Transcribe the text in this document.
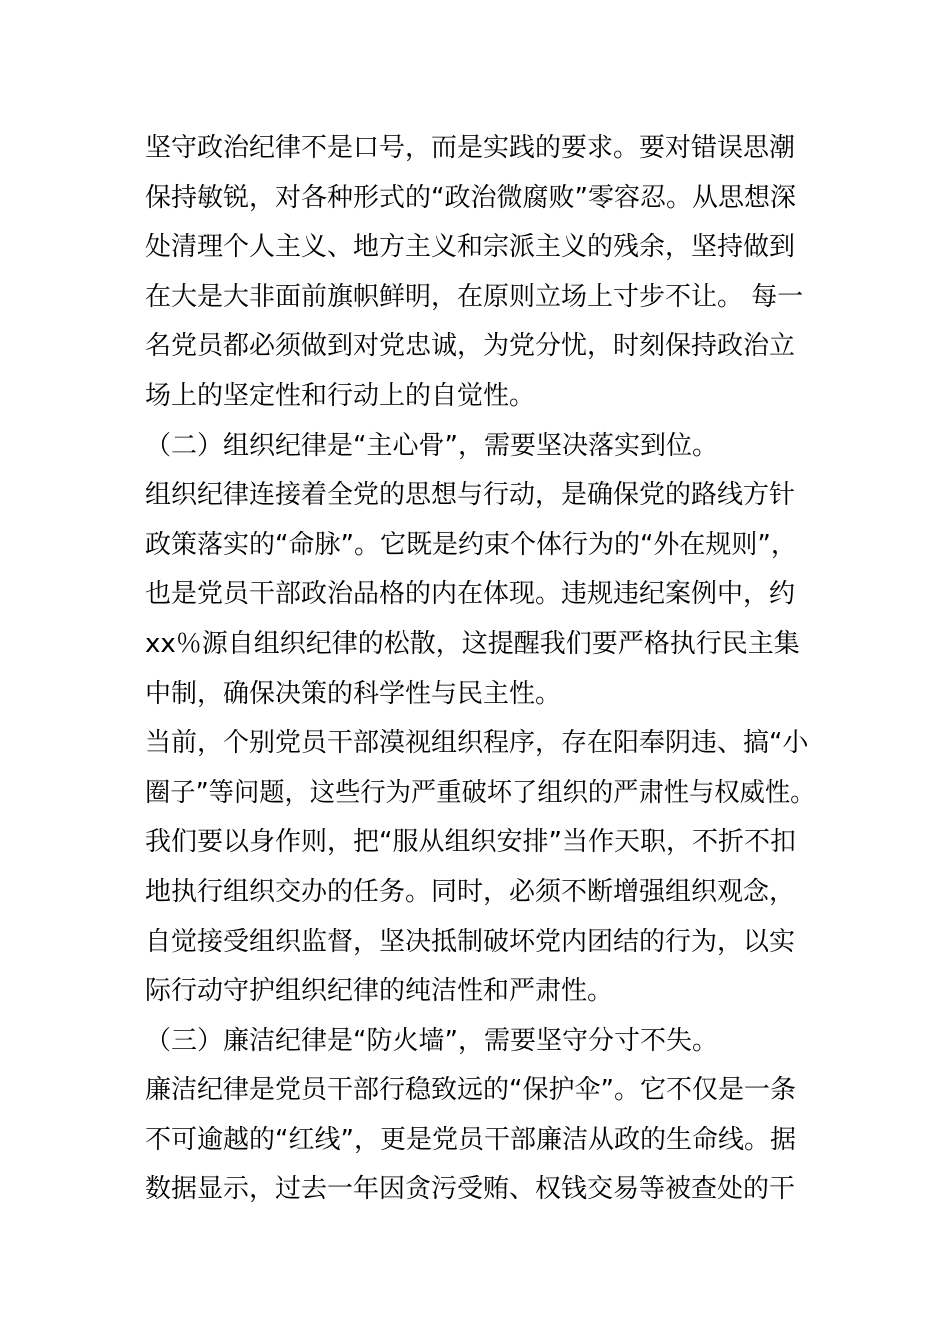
坚守政治纪律不是口号，而是实践的要求。要对错误思潮
保持敏锐，对各种形式的“政治微腐败”零容忍。从思想深
处清理个人主义、地方主义和宗派主义的残余，坚持做到
在大是大非面前旗帜鲜明，在原则立场上寸步不让。 每一
名党员都必须做到对党忠诚，为党分忧，时刻保持政治立
场上的坚定性和行动上的自觉性。
（二）组织纪律是“主心骨”，需要坚决落实到位。
组织纪律连接着全党的思想与行动，是确保党的路线方针
政策落实的“命脉”。它既是约束个体行为的“外在规则”，
也是党员干部政治品格的内在体现。违规违纪案例中，约
xx％源自组织纪律的松散，这提醒我们要严格执行民主集
中制，确保决策的科学性与民主性。
当前，个别党员干部漠视组织程序，存在阳奉阴违、搞“小
圈子”等问题，这些行为严重破坏了组织的严肃性与权威性。
我们要以身作则，把“服从组织安排”当作天职，不折不扣
地执行组织交办的任务。同时，必须不断增强组织观念，
自觉接受组织监督，坚决抵制破坏党内团结的行为，以实
际行动守护组织纪律的纯洁性和严肃性。
（三）廉洁纪律是“防火墙”，需要坚守分寸不失。
廉洁纪律是党员干部行稳致远的“保护伞”。它不仅是一条
不可逾越的“红线”，更是党员干部廉洁从政的生命线。据
数据显示，过去一年因贪污受贿、权钱交易等被查处的干
